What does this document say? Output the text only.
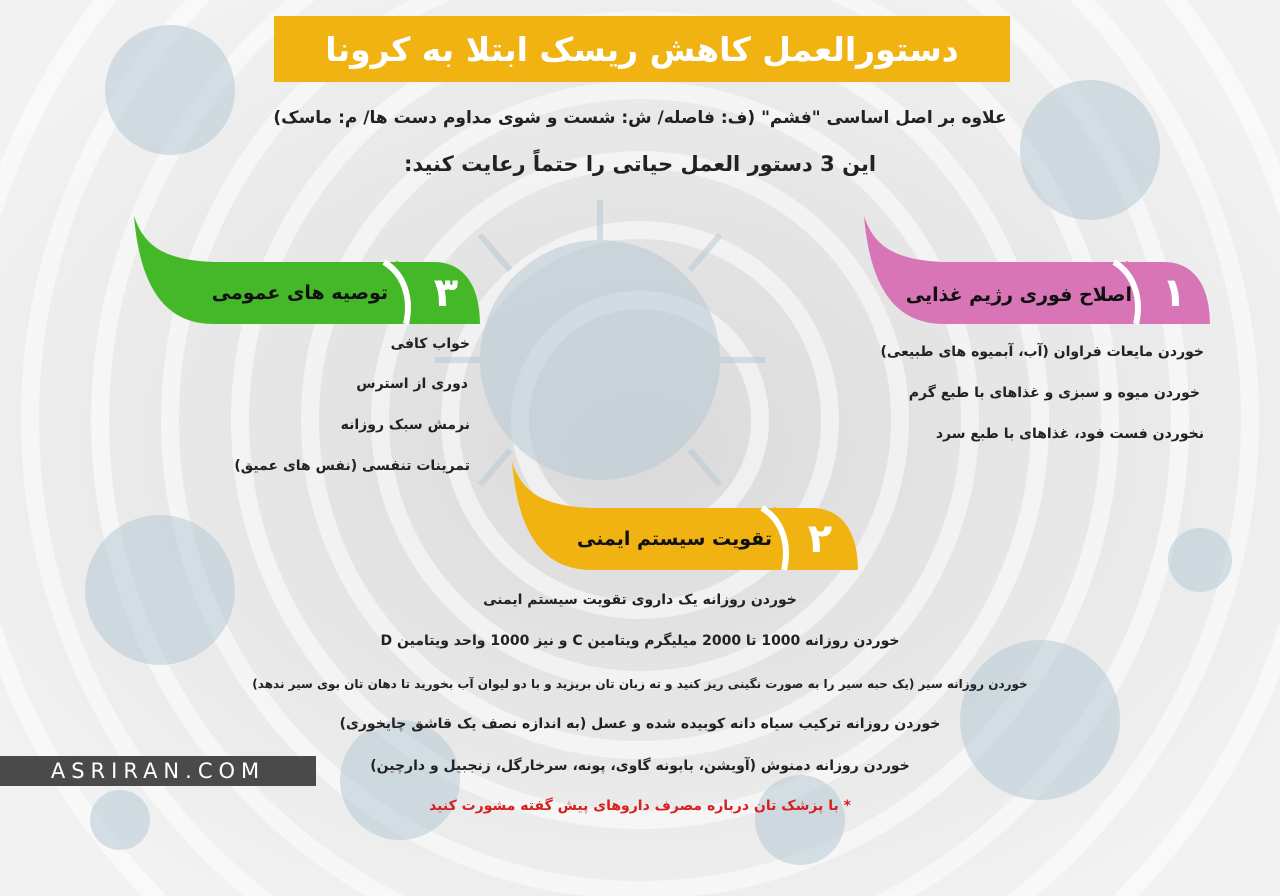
دستورالعمل کاهش ریسک ابتلا به کرونا
علاوه بر اصل اساسی "فشم" (ف: فاصله/ ش: شست و شوی مداوم دست ها/ م: ماسک)
این 3 دستور العمل حیاتی را حتماً رعایت کنید:
۱
اصلاح فوری رژیم غذایی
خوردن مایعات فراوان (آب، آبمیوه های طبیعی)
خوردن میوه و سبزی و غذاهای با طبع گرم
نخوردن فست فود، غذاهای با طبع سرد
۳
توصیه های عمومی
خواب کافی
دوری از استرس
نرمش سبک روزانه
تمرینات تنفسی (نفس های عمیق)
۲
تقویت سیستم ایمنی
خوردن روزانه یک داروی تقویت سیستم ایمنی
خوردن روزانه 1000 تا 2000 میلیگرم ویتامین C و نیز 1000 واحد ویتامین D
خوردن روزانه سیر (یک حبه سیر را به صورت نگینی ریز کنید و ته زبان تان بریزید و با دو لیوان آب بخورید تا دهان تان بوی سیر ندهد)
خوردن روزانه ترکیب سیاه دانه کوبیده شده و عسل (به اندازه نصف یک قاشق چایخوری)
خوردن روزانه دمنوش (آویشن، بابونه گاوی، پونه، سرخارگل، زنجبیل و دارچین)
* با پزشک تان درباره مصرف داروهای پیش گفته مشورت کنید
ASRIRAN.COM
